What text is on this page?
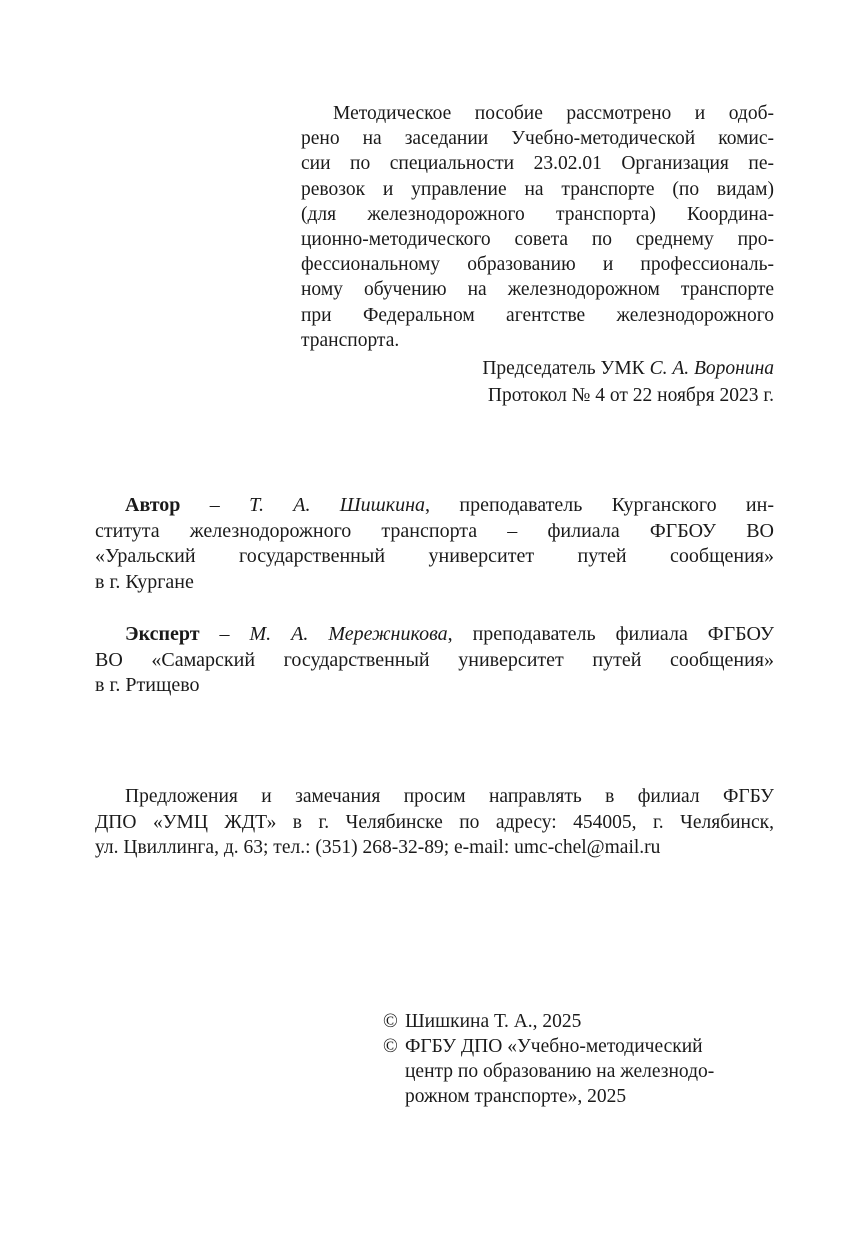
Методическое пособие рассмотрено и одоб-
рено на заседании Учебно-методической комис-
сии по специальности 23.02.01 Организация пе-
ревозок и управление на транспорте (по видам)
(для железнодорожного транспорта) Координа-
ционно-методического совета по среднему про-
фессиональному образованию и профессиональ-
ному обучению на железнодорожном транспорте
при Федеральном агентстве железнодорожного
транспорта.
Председатель УМК С. А. Воронина
Протокол № 4 от 22 ноября 2023 г.
Автор – Т. А. Шишкина, преподаватель Курганского ин-
ститута железнодорожного транспорта – филиала ФГБОУ ВО
«Уральский государственный университет путей сообщения»
в г. Кургане
Эксперт – М. А. Мережникова, преподаватель филиала ФГБОУ
ВО «Самарский государственный университет путей сообщения»
в г. Ртищево
Предложения и замечания просим направлять в филиал ФГБУ
ДПО «УМЦ ЖДТ» в г. Челябинске по адресу: 454005, г. Челябинск,
ул. Цвиллинга, д. 63; тел.: (351) 268-32-89; e-mail: umc-chel@mail.ru
© Шишкина Т. А., 2025
© ФГБУ ДПО «Учебно-методический
центр по образованию на железнодо-
рожном транспорте», 2025
